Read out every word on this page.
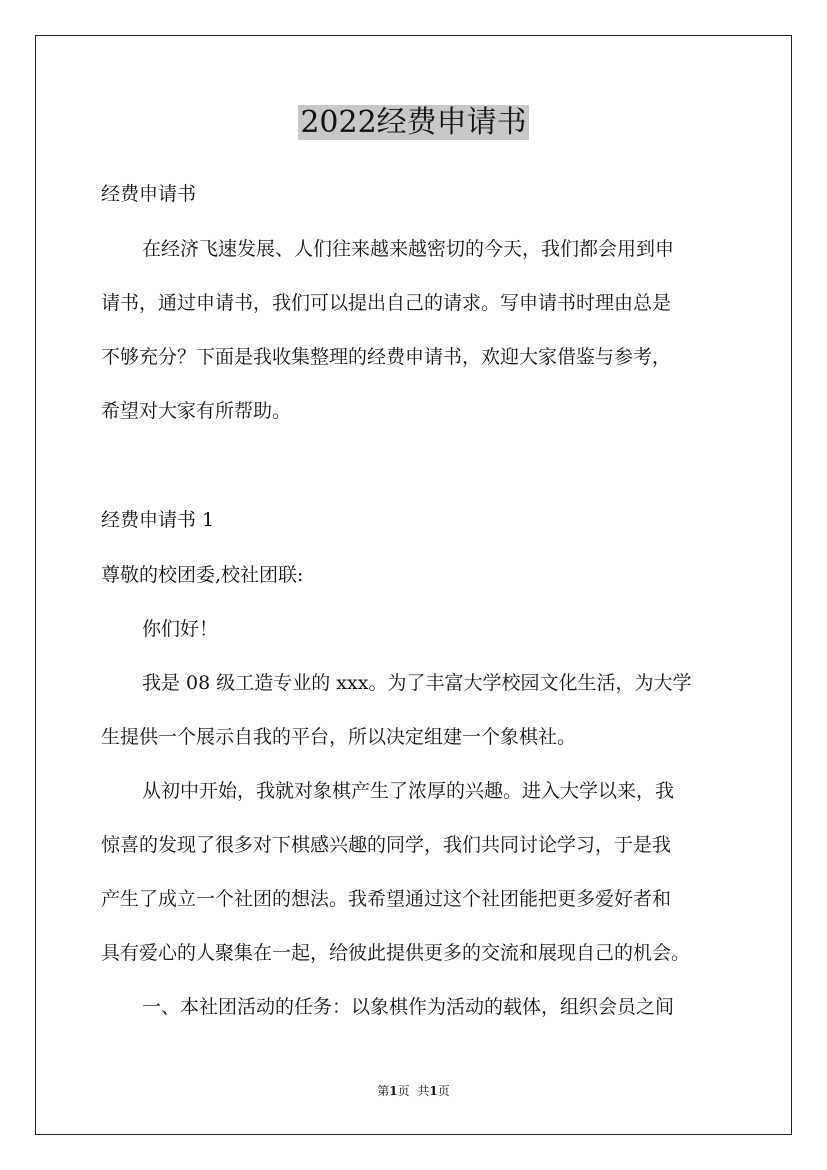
2022经费申请书
经费申请书
在经济飞速发展、人们往来越来越密切的今天，我们都会用到申
请书，通过申请书，我们可以提出自己的请求。写申请书时理由总是
不够充分？下面是我收集整理的经费申请书，欢迎大家借鉴与参考，
希望对大家有所帮助。
经费申请书 1
尊敬的校团委,校社团联:
你们好！
我是 08 级工造专业的 xxx。为了丰富大学校园文化生活，为大学
生提供一个展示自我的平台，所以决定组建一个象棋社。
从初中开始，我就对象棋产生了浓厚的兴趣。进入大学以来，我
惊喜的发现了很多对下棋感兴趣的同学，我们共同讨论学习，于是我
产生了成立一个社团的想法。我希望通过这个社团能把更多爱好者和
具有爱心的人聚集在一起，给彼此提供更多的交流和展现自己的机会。
一、本社团活动的任务：以象棋作为活动的载体，组织会员之间
第1页 共1页
